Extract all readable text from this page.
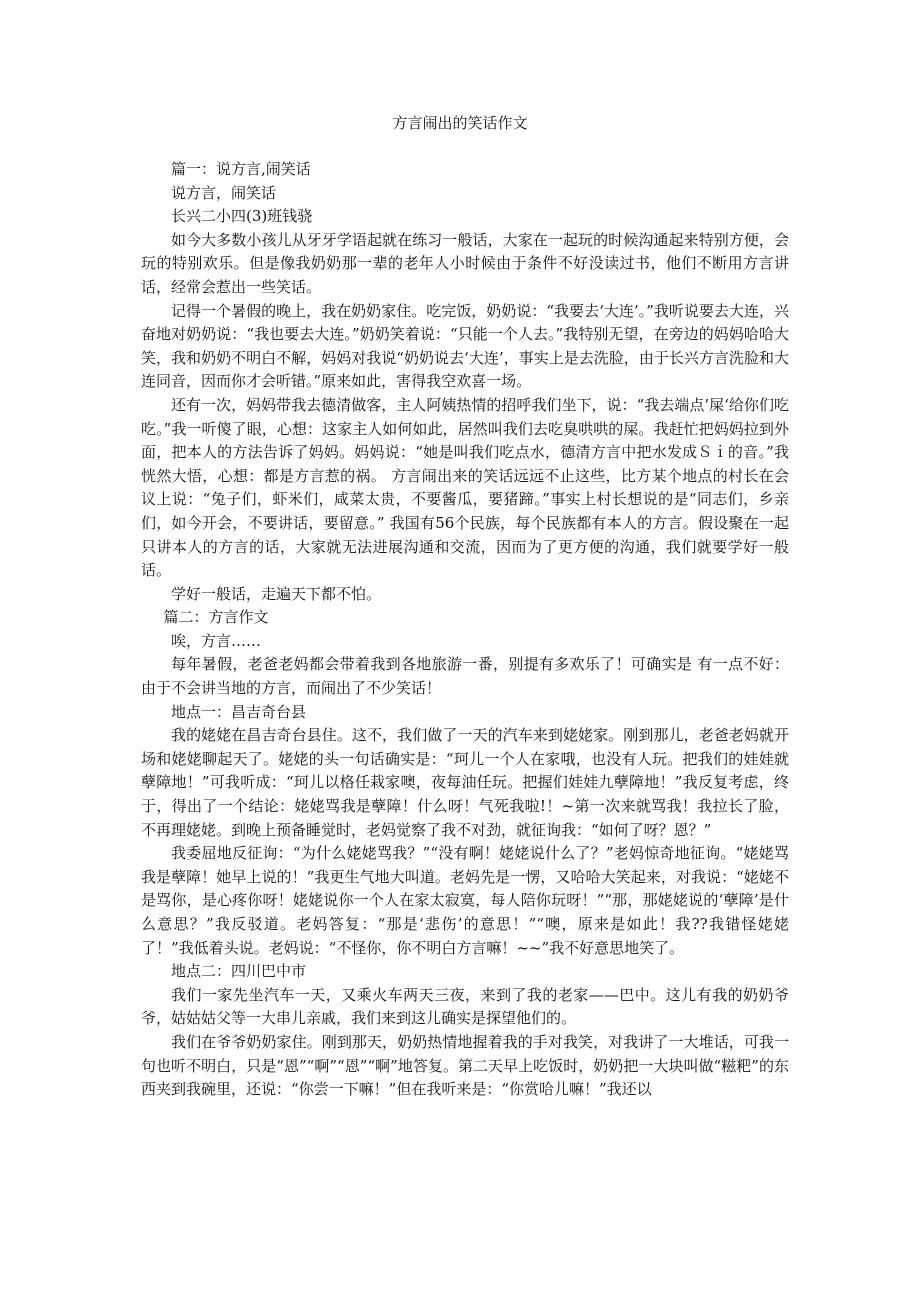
方言闹出的笑话作文

篇一：说方言,闹笑话

说方言，闹笑话

长兴二小四(3)班钱骁

如今大多数小孩儿从牙牙学语起就在练习一般话，大家在一起玩的时候沟通起来特别方便，会玩的特别欢乐。但是像我奶奶那一辈的老年人小时候由于条件不好没读过书，他们不断用方言讲话，经常会惹出一些笑话。

记得一个暑假的晚上，我在奶奶家住。吃完饭，奶奶说：“我要去‘大连’。”我听说要去大连，兴奋地对奶奶说：“我也要去大连。”奶奶笑着说：“只能一个人去。”我特别无望，在旁边的妈妈哈哈大笑，我和奶奶不明白不解，妈妈对我说“奶奶说去‘大连’，事实上是去洗脸，由于长兴方言洗脸和大连同音，因而你才会听错。”原来如此，害得我空欢喜一场。

还有一次，妈妈带我去德清做客，主人阿姨热情的招呼我们坐下，说：“我去端点’屎‘给你们吃吃。”我一听傻了眼，心想：这家主人如何如此，居然叫我们去吃臭哄哄的屎。我赶忙把妈妈拉到外面，把本人的方法告诉了妈妈。妈妈说：“她是叫我们吃点水，德清方言中把水发成Ｓｉ的音。”我恍然大悟，心想：都是方言惹的祸。 方言闹出来的笑话远远不止这些，比方某个地点的村长在会议上说：“兔子们，虾米们，咸菜太贵，不要酱瓜，要猪蹄。”事实上村长想说的是“同志们，乡亲们，如今开会，不要讲话，要留意。” 我国有56个民族，每个民族都有本人的方言。假设聚在一起只讲本人的方言的话，大家就无法进展沟通和交流，因而为了更方便的沟通，我们就要学好一般话。

学好一般话，走遍天下都不怕。

篇二：方言作文

唉，方言……

每年暑假，老爸老妈都会带着我到各地旅游一番，别提有多欢乐了！可确实是 有一点不好：由于不会讲当地的方言，而闹出了不少笑话！

地点一：昌吉奇台县

我的姥姥在昌吉奇台县住。这不，我们做了一天的汽车来到姥姥家。刚到那儿，老爸老妈就开场和姥姥聊起天了。姥姥的头一句话确实是：“珂儿一个人在家哦，也没有人玩。把我们的娃娃就孽障地！”可我听成：“珂儿以格任栽家噢，夜每油任玩。把握们娃娃九孽障地！”我反复考虑，终于，得出了一个结论：姥姥骂我是孽障！什么呀！气死我啦!！~第一次来就骂我！我拉长了脸，不再理姥姥。到晚上预备睡觉时，老妈觉察了我不对劲，就征询我：“如何了呀？恩？”

我委屈地反征询：“为什么姥姥骂我？”“没有啊！姥姥说什么了？”老妈惊奇地征询。“姥姥骂我是孽障！她早上说的！”我更生气地大叫道。老妈先是一愣，又哈哈大笑起来，对我说：“姥姥不是骂你，是心疼你呀！姥姥说你一个人在家太寂寞，每人陪你玩呀！”“那，那姥姥说的‘孽障’是什么意思？”我反驳道。老妈答复：“那是‘悲伤’的意思！”“噢，原来是如此！我??我错怪姥姥了！”我低着头说。老妈说：“不怪你，你不明白方言嘛！~~”我不好意思地笑了。

地点二：四川巴中市

我们一家先坐汽车一天，又乘火车两天三夜，来到了我的老家——巴中。这儿有我的奶奶爷爷，姑姑姑父等一大串儿亲戚，我们来到这儿确实是探望他们的。

我们在爷爷奶奶家住。刚到那天，奶奶热情地握着我的手对我笑，对我讲了一大堆话，可我一句也听不明白，只是“恩”“啊”“恩”“啊”地答复。第二天早上吃饭时，奶奶把一大块叫做“糍粑”的东西夹到我碗里，还说：“你尝一下嘛！”但在我听来是：“你赏哈儿嘛！”我还以
